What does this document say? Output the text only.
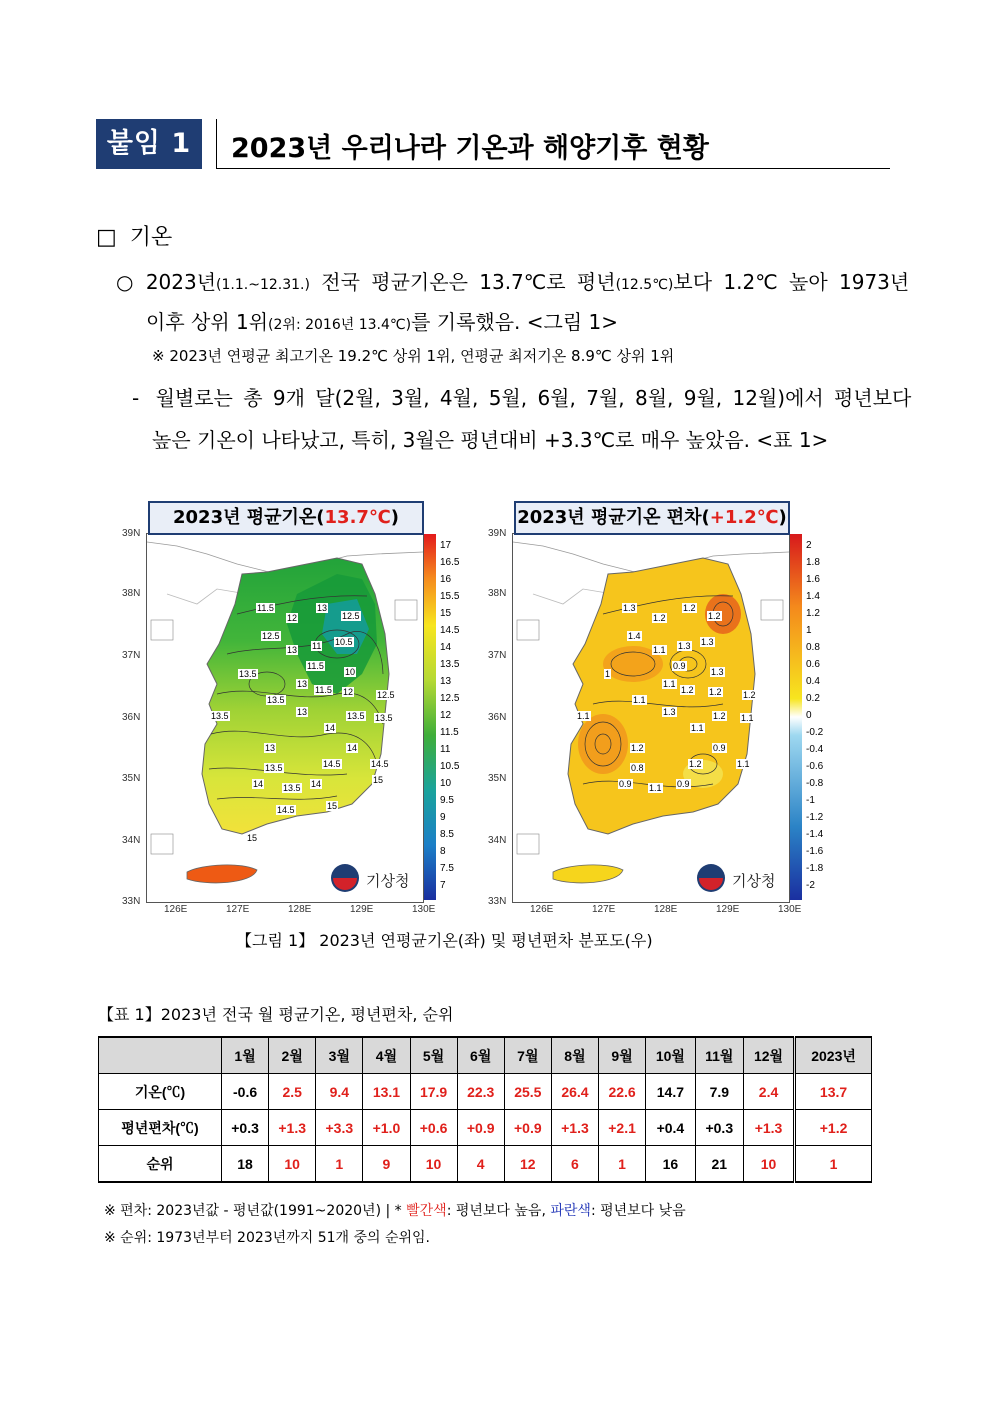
붙임 1	2023년 우리나라 기온과 해양기후 현황
□ 기온
○ 2023년(1.1.~12.31.) 전국 평균기온은 13.7℃로 평년(12.5℃)보다 1.2℃ 높아 1973년
이후 상위 1위(2위: 2016년 13.4℃)를 기록했음. <그림 1>
※ 2023년 연평균 최고기온 19.2℃ 상위 1위, 연평균 최저기온 8.9℃ 상위 1위
- 월별로는 총 9개 달(2월, 3월, 4월, 5월, 6월, 7월, 8월, 9월, 12월)에서 평년보다
높은 기온이 나타났고, 특히, 3월은 평년대비 +3.3℃로 매우 높았음. <표 1>
2023년 평균기온(13.7℃)
기상청
39N
38N
37N
36N
35N
34N
33N
126E	127E	128E	129E	130E
17
16.5
16
15.5
15
14.5
14
13.5
13
12.5
12
11.5
11
10.5
10
9.5
9
8.5
8
7.5
7
2023년 평균기온 편차(+1.2℃)
기상청
39N
38N
37N
36N
35N
34N
33N
126E	127E	128E	129E	130E
2
1.8
1.6
1.4
1.2
1
0.8
0.6
0.4
0.2
0
-0.2
-0.4
-0.6
-0.8
-1
-1.2
-1.4
-1.6
-1.8
-2
11.5
12
13
12.5
12.5
13 11 10.5
13.5
11.5
10
13
11.5 12	12.5
13.5
13	13.5 13.5
13.5
14
13	14
14.5
13.5	14.5
14 13.5 14	15
14.5	15
15
1.3
1.2
1.2
1.2
1.4
1.1 1.3 1.3
1
0.9
1.3
1.1
1.2 1.2 1.2
1.1
1.3	1.2 1.1
1.1
1.1
1.2	0.9
1.2
0.8	1.1
0.9 1.1 0.9
【그림 1】 2023년 연평균기온(좌) 및 평년편차 분포도(우)
【표 1】2023년 전국 월 평균기온, 평년편차, 순위
	1월	2월	3월	4월	5월	6월	7월	8월	9월	10월	11월	12월	2023년
기온(℃)	-0.6	2.5	9.4	13.1	17.9	22.3	25.5	26.4	22.6	14.7	7.9	2.4	13.7
평년편차(℃)	+0.3	+1.3	+3.3	+1.0	+0.6	+0.9	+0.9	+1.3	+2.1	+0.4	+0.3	+1.3	+1.2
순위	18	10	1	9	10	4	12	6	1	16	21	10	1
※ 편차: 2023년값 - 평년값(1991~2020년) | * 빨간색: 평년보다 높음, 파란색: 평년보다 낮음
※ 순위: 1973년부터 2023년까지 51개 중의 순위임.
